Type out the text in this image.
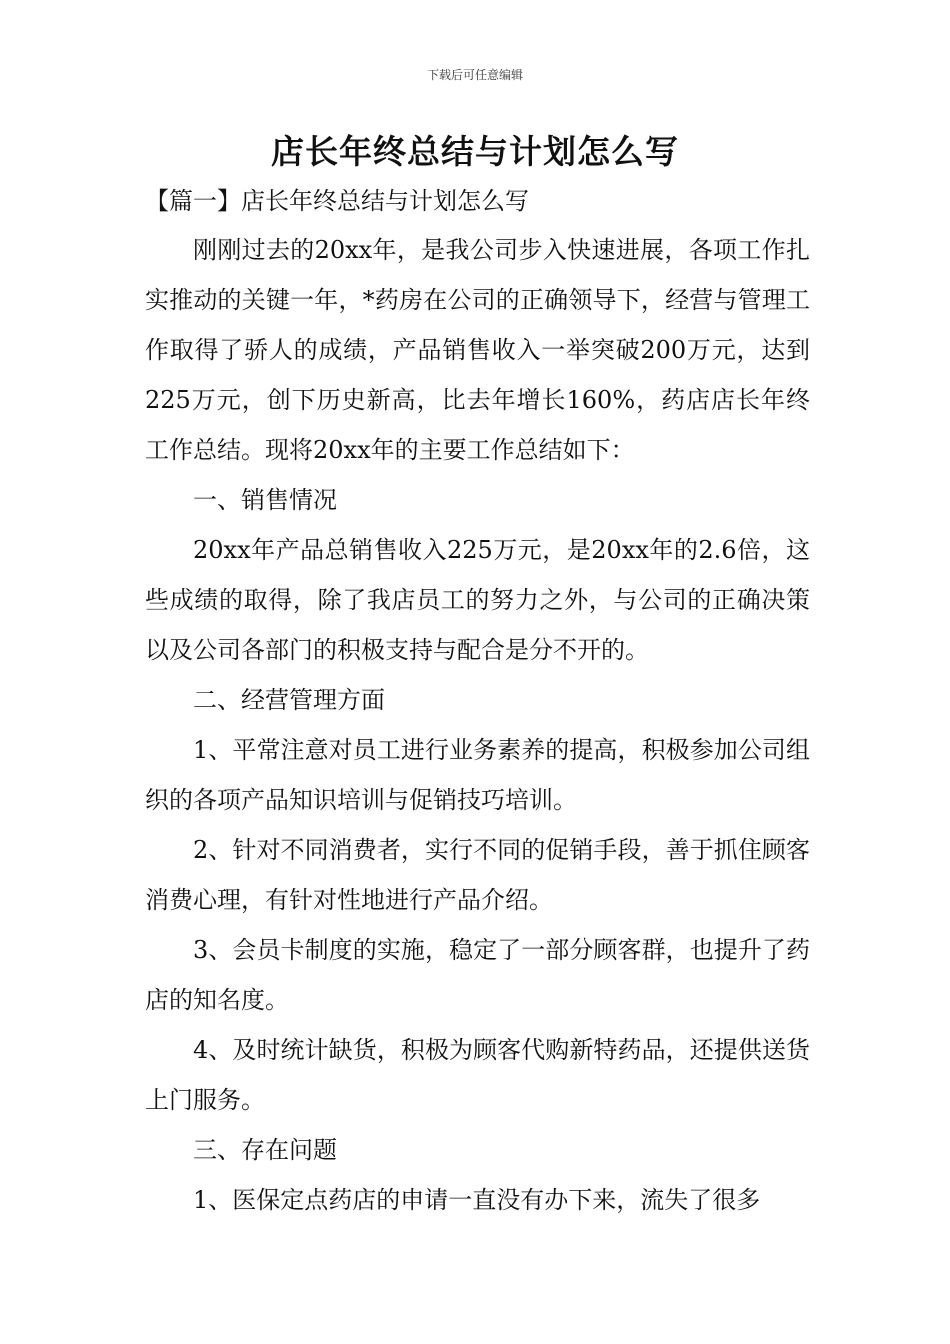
下载后可任意编辑
店长年终总结与计划怎么写
【篇一】店长年终总结与计划怎么写

刚刚过去的20xx年，是我公司步入快速进展，各项工作扎实推动的关键一年，*药房在公司的正确领导下，经营与管理工作取得了骄人的成绩，产品销售收入一举突破200万元，达到225万元，创下历史新高，比去年增长160%，药店店长年终工作总结。现将20xx年的主要工作总结如下：

一、销售情况

20xx年产品总销售收入225万元，是20xx年的2.6倍，这些成绩的取得，除了我店员工的努力之外，与公司的正确决策以及公司各部门的积极支持与配合是分不开的。

二、经营管理方面

1、平常注意对员工进行业务素养的提高，积极参加公司组织的各项产品知识培训与促销技巧培训。

2、针对不同消费者，实行不同的促销手段，善于抓住顾客消费心理，有针对性地进行产品介绍。

3、会员卡制度的实施，稳定了一部分顾客群，也提升了药店的知名度。

4、及时统计缺货，积极为顾客代购新特药品，还提供送货上门服务。

三、存在问题

1、医保定点药店的申请一直没有办下来，流失了很多
